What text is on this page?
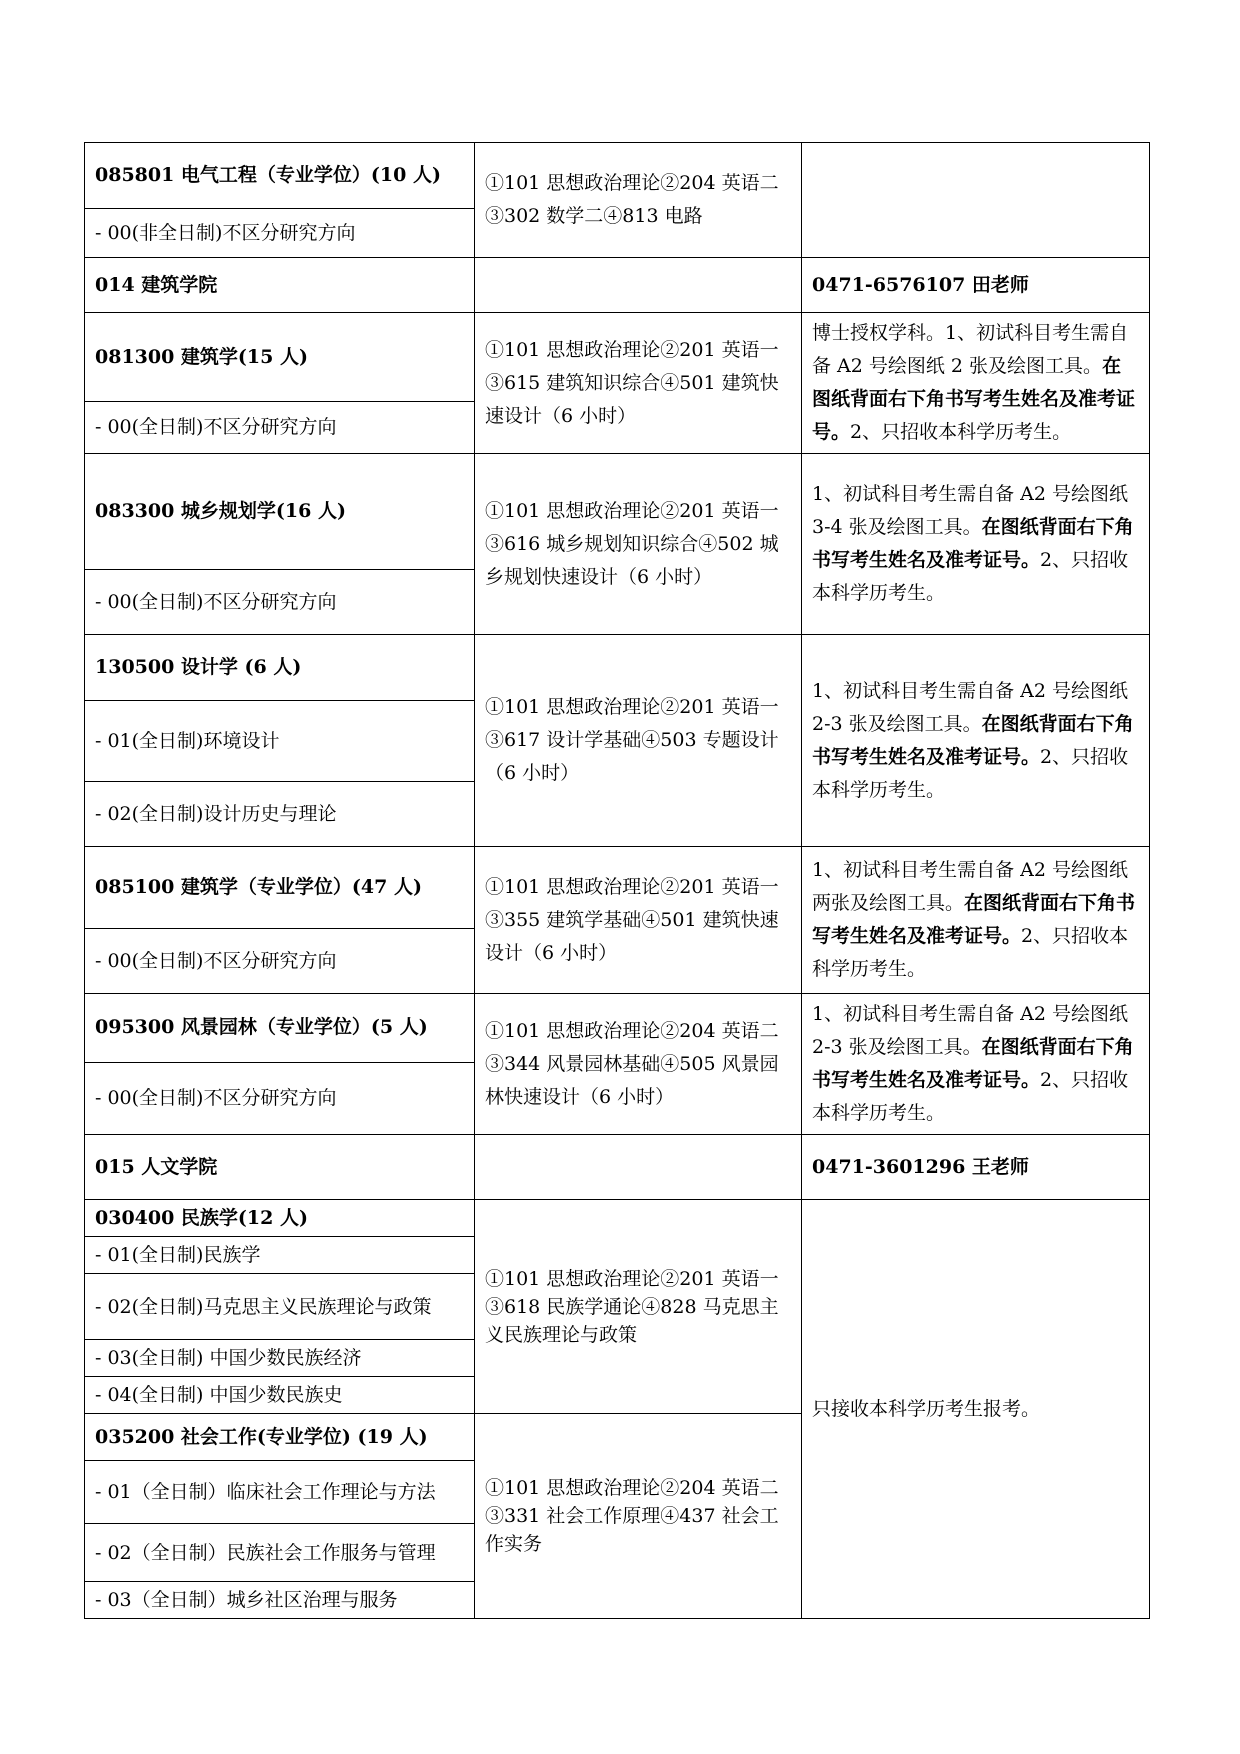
085801 电气工程（专业学位）(10 人)	①101 思想政治理论②204 英语二③302 数学二④813 电路	
- 00(非全日制)不区分研究方向		
014 建筑学院		0471-6576107 田老师
081300 建筑学(15 人)	①101 思想政治理论②201 英语一③615 建筑知识综合④501 建筑快速设计（6 小时）	博士授权学科。1、初试科目考生需自备 A2 号绘图纸 2 张及绘图工具。在图纸背面右下角书写考生姓名及准考证号。2、只招收本科学历考生。
- 00(全日制)不区分研究方向		
083300 城乡规划学(16 人)	①101 思想政治理论②201 英语一③616 城乡规划知识综合④502 城乡规划快速设计（6 小时）	1、初试科目考生需自备 A2 号绘图纸 3-4 张及绘图工具。在图纸背面右下角书写考生姓名及准考证号。2、只招收本科学历考生。
- 00(全日制)不区分研究方向		
130500 设计学 (6 人)	①101 思想政治理论②201 英语一③617 设计学基础④503 专题设计（6 小时）	1、初试科目考生需自备 A2 号绘图纸 2-3 张及绘图工具。在图纸背面右下角书写考生姓名及准考证号。2、只招收本科学历考生。
- 01(全日制)环境设计		
- 02(全日制)设计历史与理论		
085100 建筑学（专业学位）(47 人)	①101 思想政治理论②201 英语一③355 建筑学基础④501 建筑快速设计（6 小时）	1、初试科目考生需自备 A2 号绘图纸两张及绘图工具。在图纸背面右下角书写考生姓名及准考证号。2、只招收本科学历考生。
- 00(全日制)不区分研究方向		
095300 风景园林（专业学位）(5 人)	①101 思想政治理论②204 英语二③344 风景园林基础④505 风景园林快速设计（6 小时）	1、初试科目考生需自备 A2 号绘图纸 2-3 张及绘图工具。在图纸背面右下角书写考生姓名及准考证号。2、只招收本科学历考生。
- 00(全日制)不区分研究方向		
015 人文学院		0471-3601296 王老师
030400 民族学(12 人)	①101 思想政治理论②201 英语一③618 民族学通论④828 马克思主义民族理论与政策	只接收本科学历考生报考。
- 01(全日制)民族学		
- 02(全日制)马克思主义民族理论与政策		
- 03(全日制) 中国少数民族经济		
- 04(全日制) 中国少数民族史		
035200 社会工作(专业学位) (19 人)	①101 思想政治理论②204 英语二③331 社会工作原理④437 社会工作实务	
- 01（全日制）临床社会工作理论与方法		
- 02（全日制）民族社会工作服务与管理		
- 03（全日制）城乡社区治理与服务		
